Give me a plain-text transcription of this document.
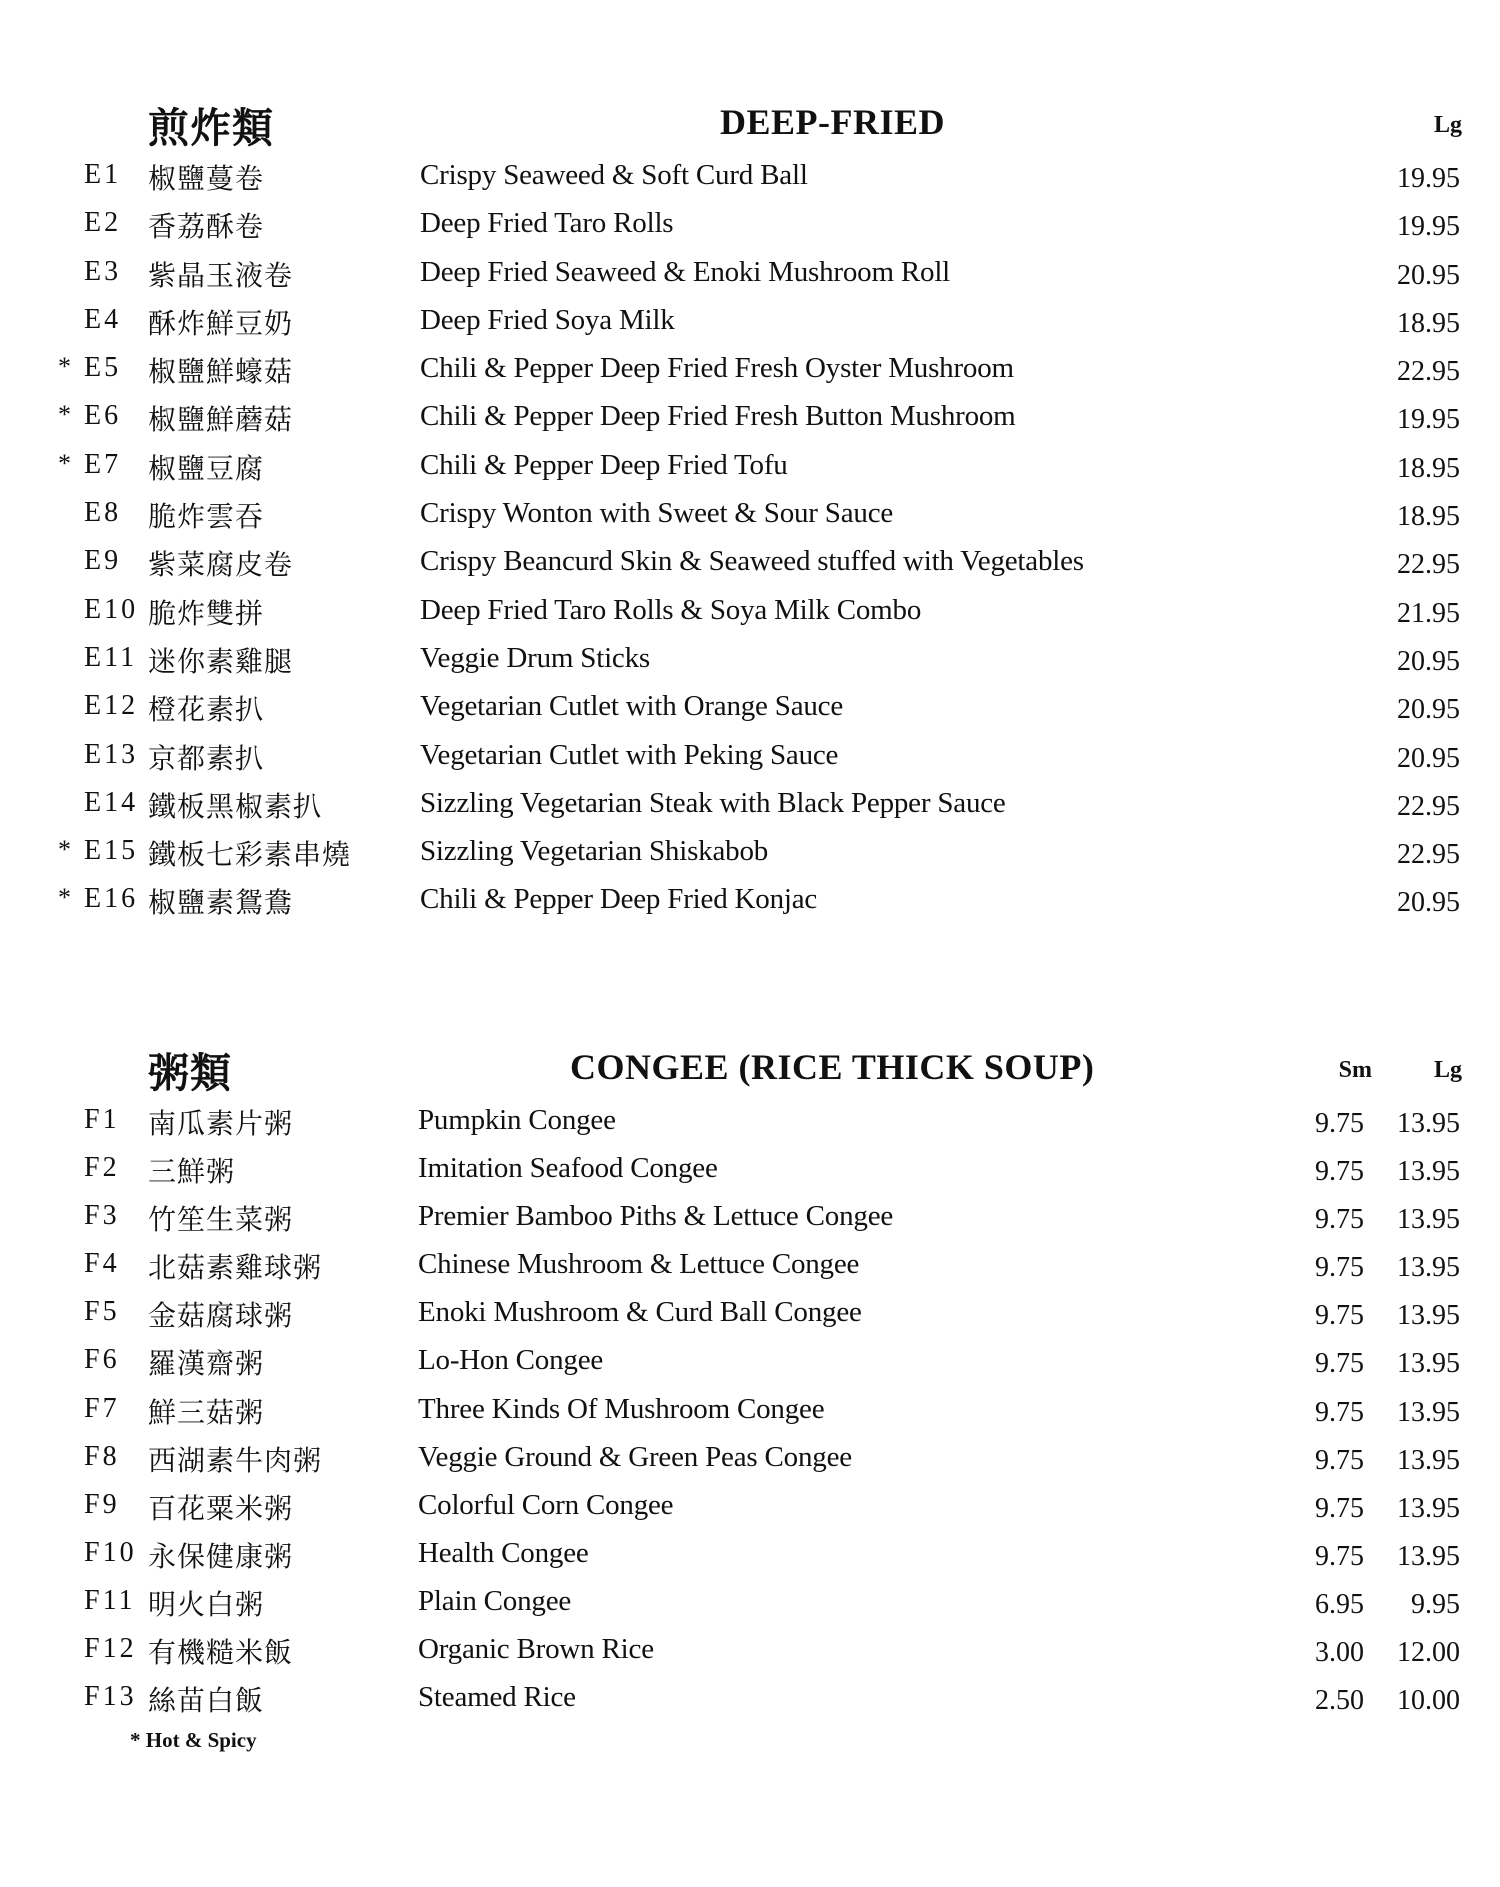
煎炸類	DEEP-FRIED	Lg
E1 椒鹽蔓卷	Crispy Seaweed & Soft Curd Ball	19.95
E2 香荔酥卷	Deep Fried Taro Rolls	19.95
E3 紫晶玉液卷	Deep Fried Seaweed & Enoki Mushroom Roll	20.95
E4 酥炸鮮豆奶	Deep Fried Soya Milk	18.95
* E5 椒鹽鮮蠔菇	Chili & Pepper Deep Fried Fresh Oyster Mushroom	22.95
* E6 椒鹽鮮蘑菇	Chili & Pepper Deep Fried Fresh Button Mushroom	19.95
* E7 椒鹽豆腐	Chili & Pepper Deep Fried Tofu	18.95
E8 脆炸雲吞	Crispy Wonton with Sweet & Sour Sauce	18.95
E9 紫菜腐皮卷	Crispy Beancurd Skin & Seaweed stuffed with Vegetables	22.95
E10 脆炸雙拼	Deep Fried Taro Rolls & Soya Milk Combo	21.95
E11 迷你素雞腿	Veggie Drum Sticks	20.95
E12 橙花素扒	Vegetarian Cutlet with Orange Sauce	20.95
E13 京都素扒	Vegetarian Cutlet with Peking Sauce	20.95
E14 鐵板黑椒素扒	Sizzling Vegetarian Steak with Black Pepper Sauce	22.95
* E15 鐵板七彩素串燒 Sizzling Vegetarian Shiskabob	22.95
* E16 椒鹽素鴛鴦	Chili & Pepper Deep Fried Konjac	20.95
粥類	CONGEE (RICE THICK SOUP)	Sm	Lg
F1 南瓜素片粥	Pumpkin Congee	9.75	13.95
F2 三鮮粥	Imitation Seafood Congee	9.75	13.95
F3 竹笙生菜粥	Premier Bamboo Piths & Lettuce Congee	9.75	13.95
F4 北菇素雞球粥	Chinese Mushroom & Lettuce Congee	9.75	13.95
F5 金菇腐球粥	Enoki Mushroom & Curd Ball Congee	9.75	13.95
F6 羅漢齋粥	Lo-Hon Congee	9.75	13.95
F7 鮮三菇粥	Three Kinds Of Mushroom Congee	9.75	13.95
F8 西湖素牛肉粥	Veggie Ground & Green Peas Congee	9.75	13.95
F9 百花粟米粥	Colorful Corn Congee	9.75	13.95
F10 永保健康粥	Health Congee	9.75	13.95
F11 明火白粥	Plain Congee	6.95	9.95
F12 有機糙米飯	Organic Brown Rice	3.00	12.00
F13 絲苗白飯	Steamed Rice	2.50	10.00
* Hot & Spicy
